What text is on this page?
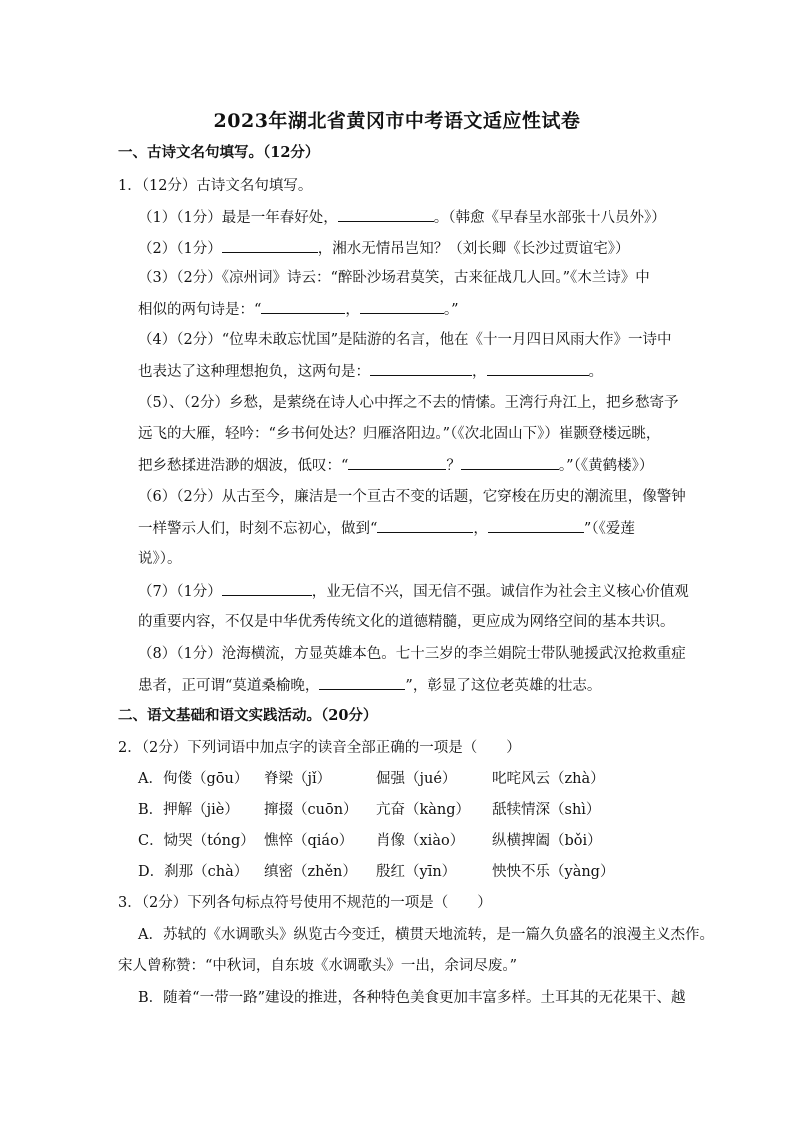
2023年湖北省黄冈市中考语文适应性试卷
一、古诗文名句填写。（12分）
1．（12分）古诗文名句填写。
（1）（1分）最是一年春好处，	。（韩愈《早春呈水部张十八员外》）
（2）（1分）	，湘水无情吊岂知？（刘长卿《长沙过贾谊宅》）
（3）（2分）《凉州词》诗云：“醉卧沙场君莫笑，古来征战几人回。”《木兰诗》中
相似的两句诗是：“	，	。”
（4）（2分）“位卑未敢忘忧国”是陆游的名言，他在《十一月四日风雨大作》一诗中
也表达了这种理想抱负，这两句是：	，	。
（5）、（2分）乡愁，是萦绕在诗人心中挥之不去的情愫。王湾行舟江上，把乡愁寄予
远飞的大雁，轻吟：“乡书何处达？归雁洛阳边。”（《次北固山下》）崔颢登楼远眺，
把乡愁揉进浩渺的烟波，低叹：“	？	。”（《黄鹤楼》）
（6）（2分）从古至今，廉洁是一个亘古不变的话题，它穿梭在历史的潮流里，像警钟
一样警示人们，时刻不忘初心，做到“	，	”（《爱莲
说》）。
（7）（1分）	，业无信不兴，国无信不强。诚信作为社会主义核心价值观
的重要内容，不仅是中华优秀传统文化的道德精髓，更应成为网络空间的基本共识。
（8）（1分）沧海横流，方显英雄本色。七十三岁的李兰娟院士带队驰援武汉抢救重症
患者，正可谓“莫道桑榆晚，	”，彰显了这位老英雄的壮志。
二、语文基础和语文实践活动。（20分）
2．（2分）下列词语中加点字的读音全部正确的一项是（　　）
A．佝偻（gōu） 脊梁（jǐ）	倔强（jué） 叱咤风云（zhà）
B．押解（jiè） 撺掇（cuōn） 亢奋（kàng） 舐犊情深（shì）
C．恸哭（tóng） 憔悴（qiáo） 肖像（xiào） 纵横捭阖（bǒi）
D．刹那（chà） 缜密（zhěn） 殷红（yīn） 怏怏不乐（yàng）
3．（2分）下列各句标点符号使用不规范的一项是（　　）
A．苏轼的《水调歌头》纵览古今变迁，横贯天地流转，是一篇久负盛名的浪漫主义杰作。
宋人曾称赞：“中秋词，自东坡《水调歌头》一出，余词尽废。”
B．随着“一带一路”建设的推进，各种特色美食更加丰富多样。土耳其的无花果干、越
